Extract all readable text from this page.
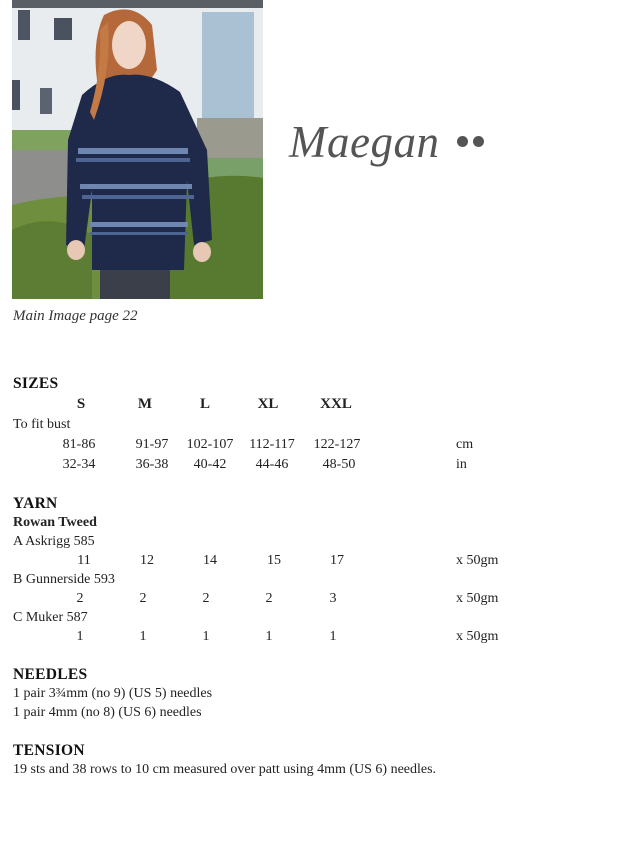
Main Image page 22
Maegan
SIZES
S	M	L	XL	XXL
To fit bust
81-86	91-97	102-107	112-117	122-127	cm
32-34	36-38	40-42	44-46	48-50	in
YARN
Rowan Tweed
A Askrigg 585
11	12	14	15	17	x 50gm
B Gunnerside 593
2	2	2	2	3	x 50gm
C Muker 587
1	1	1	1	1	x 50gm
NEEDLES
1 pair 3¾mm (no 9) (US 5) needles
1 pair 4mm (no 8) (US 6) needles
TENSION
19 sts and 38 rows to 10 cm measured over patt using 4mm (US 6) needles.
